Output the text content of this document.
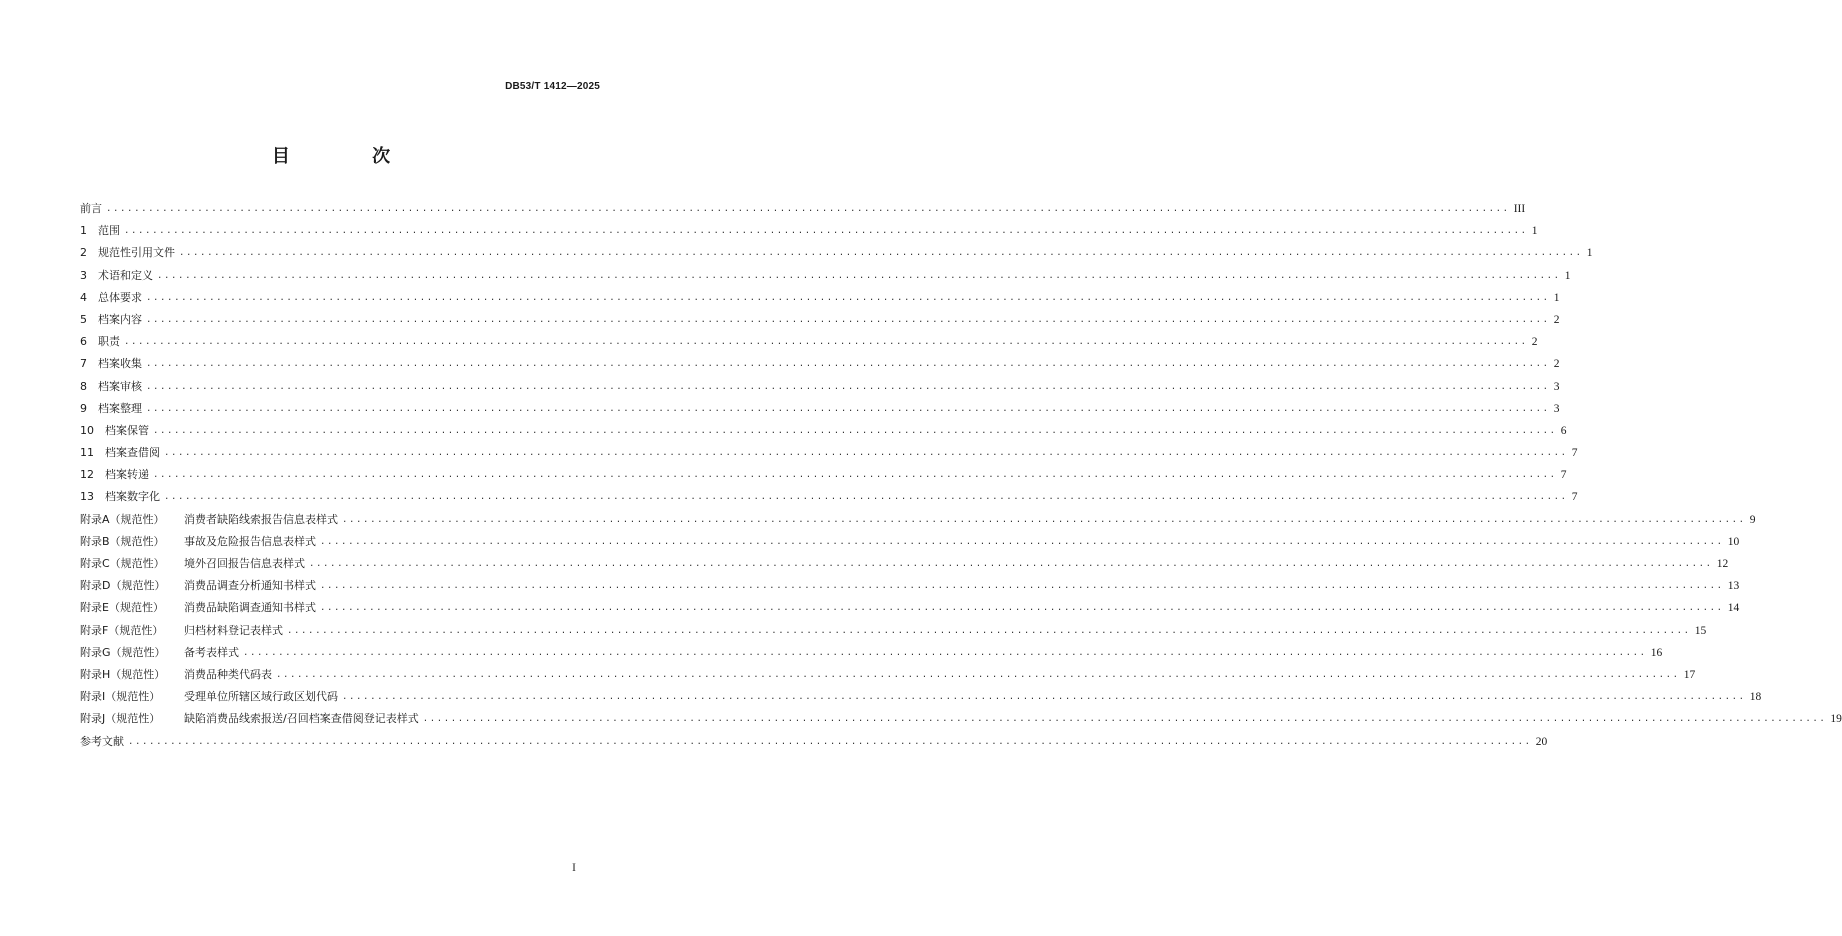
DB53/T 1412—2025
目 次
前言 ........................................................................................................................................................................................................ III
1   范围 ........................................................................................................................................................................................................ 1
2   规范性引用文件 ........................................................................................................................................................................................................ 1
3   术语和定义 ........................................................................................................................................................................................................ 1
4   总体要求 ........................................................................................................................................................................................................ 1
5   档案内容 ........................................................................................................................................................................................................ 2
6   职责 ........................................................................................................................................................................................................ 2
7   档案收集 ........................................................................................................................................................................................................ 2
8   档案审核 ........................................................................................................................................................................................................ 3
9   档案整理 ........................................................................................................................................................................................................ 3
10   档案保管 ........................................................................................................................................................................................................ 6
11   档案查借阅 ........................................................................................................................................................................................................ 7
12   档案转递 ........................................................................................................................................................................................................ 7
13   档案数字化 ........................................................................................................................................................................................................ 7
附录A（规范性） 消费者缺陷线索报告信息表样式 ........................................................................................................................................................................................................ 9
附录B（规范性） 事故及危险报告信息表样式 ........................................................................................................................................................................................................ 10
附录C（规范性） 境外召回报告信息表样式 ........................................................................................................................................................................................................ 12
附录D（规范性） 消费品调查分析通知书样式 ........................................................................................................................................................................................................ 13
附录E（规范性） 消费品缺陷调查通知书样式 ........................................................................................................................................................................................................ 14
附录F（规范性） 归档材料登记表样式 ........................................................................................................................................................................................................ 15
附录G（规范性） 备考表样式 ........................................................................................................................................................................................................ 16
附录H（规范性） 消费品种类代码表 ........................................................................................................................................................................................................ 17
附录I（规范性） 受理单位所辖区域行政区划代码 ........................................................................................................................................................................................................ 18
附录J（规范性） 缺陷消费品线索报送/召回档案查借阅登记表样式 ........................................................................................................................................................................................................ 19
参考文献 ........................................................................................................................................................................................................ 20
I
